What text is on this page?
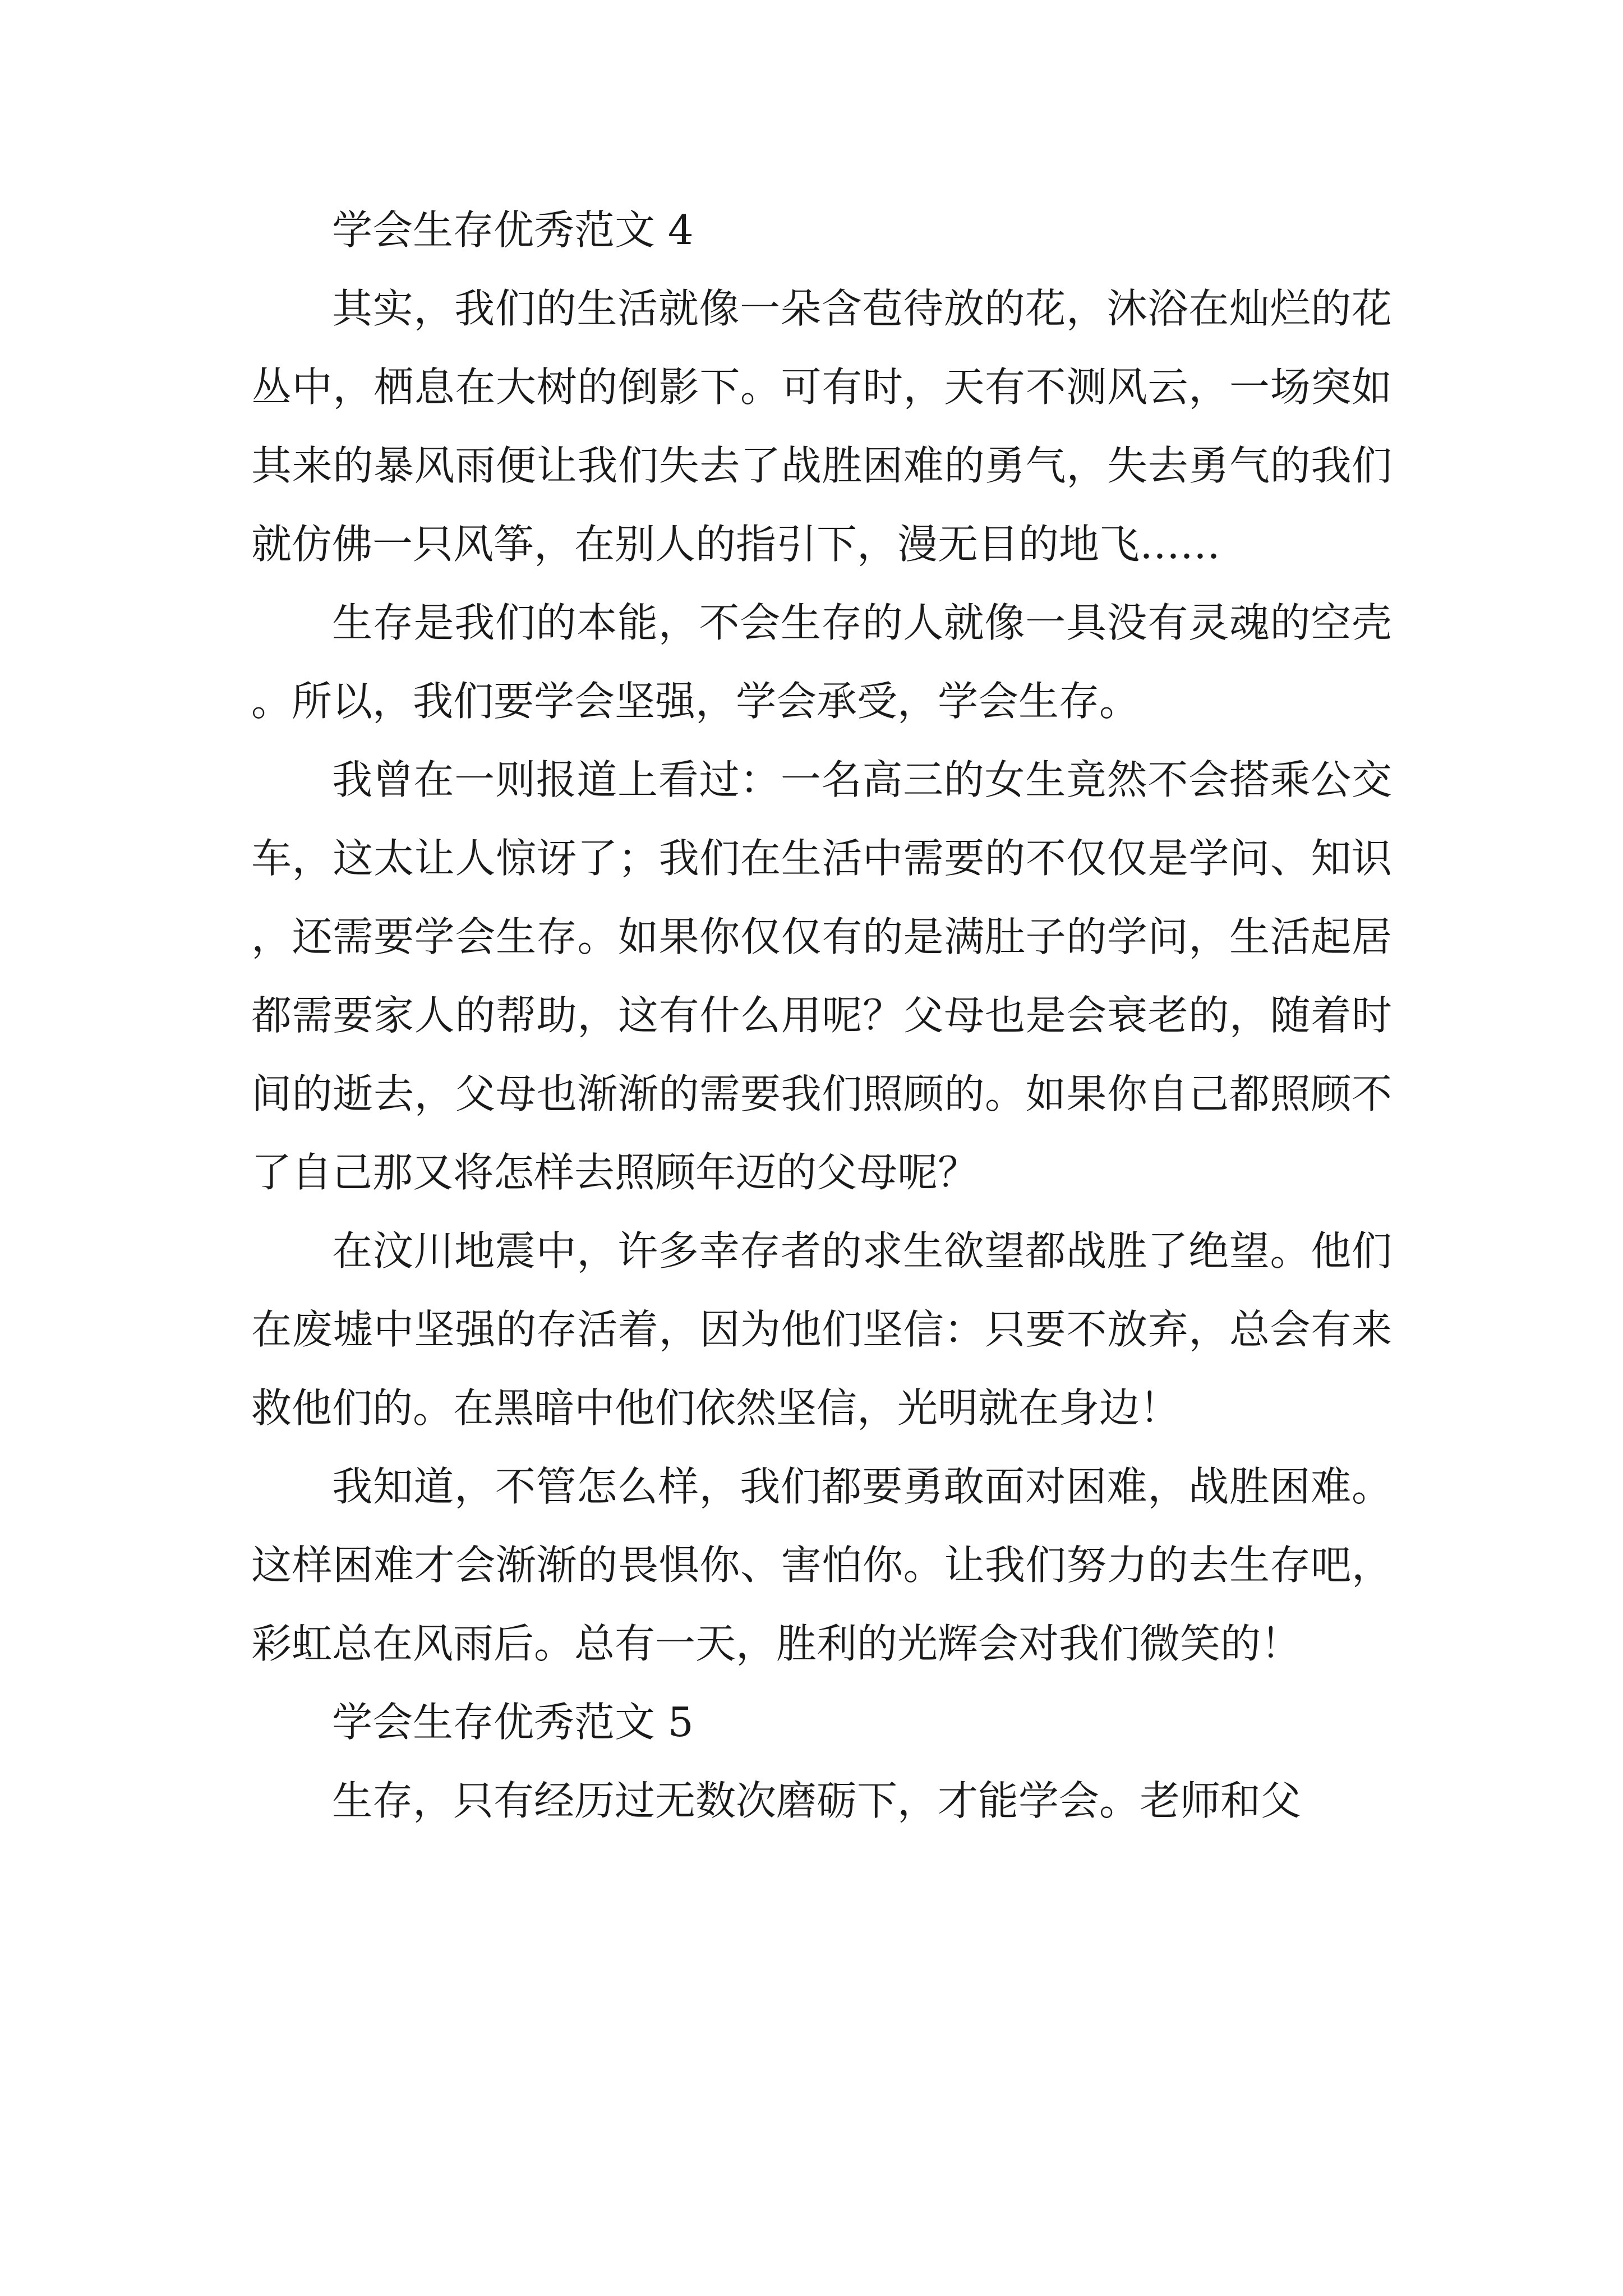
学会生存优秀范文 4

其实，我们的生活就像一朵含苞待放的花，沐浴在灿烂的花丛中，栖息在大树的倒影下。可有时，天有不测风云，一场突如其来的暴风雨便让我们失去了战胜困难的勇气，失去勇气的我们就仿佛一只风筝，在别人的指引下，漫无目的地飞……

生存是我们的本能，不会生存的人就像一具没有灵魂的空壳。所以，我们要学会坚强，学会承受，学会生存。

我曾在一则报道上看过：一名高三的女生竟然不会搭乘公交车，这太让人惊讶了；我们在生活中需要的不仅仅是学问、知识，还需要学会生存。如果你仅仅有的是满肚子的学问，生活起居都需要家人的帮助，这有什么用呢？父母也是会衰老的，随着时间的逝去，父母也渐渐的需要我们照顾的。如果你自己都照顾不了自己那又将怎样去照顾年迈的父母呢？

在汶川地震中，许多幸存者的求生欲望都战胜了绝望。他们在废墟中坚强的存活着，因为他们坚信：只要不放弃，总会有来救他们的。在黑暗中他们依然坚信，光明就在身边！

我知道，不管怎么样，我们都要勇敢面对困难，战胜困难。这样困难才会渐渐的畏惧你、害怕你。让我们努力的去生存吧，彩虹总在风雨后。总有一天，胜利的光辉会对我们微笑的！

学会生存优秀范文 5

生存，只有经历过无数次磨砺下，才能学会。老师和父
